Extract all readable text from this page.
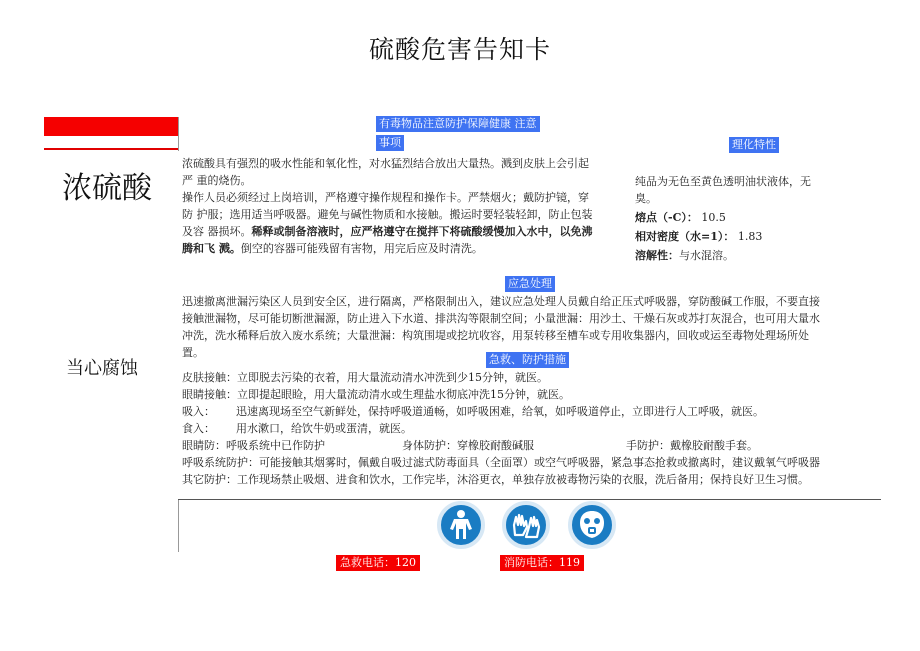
硫酸危害告知卡
浓硫酸
当心腐蚀
有毒物品注意防护保障健康 注意
事项
浓硫酸具有强烈的吸水性能和氧化性，对水猛烈结合放出大量热。溅到皮肤上会引起
严 重的烧伤。
操作人员必须经过上岗培训，严格遵守操作规程和操作卡。严禁烟火；戴防护镜，穿
防 护服；选用适当呼吸器。避免与碱性物质和水接触。搬运时要轻装轻卸，防止包装
及容 器损坏。稀释或制备溶液时，应严格遵守在搅拌下将硫酸缓慢加入水中，以免沸
腾和飞 溅。倒空的容器可能残留有害物，用完后应及时清洗。
理化特性
纯品为无色至黄色透明油状液体，无
臭。
熔点（-C）： 10.5
相对密度（水=1）： 1.83
溶解性：与水混溶。
应急处理
迅速撤离泄漏污染区人员到安全区，进行隔离，严格限制出入，建议应急处理人员戴自给正压式呼吸器，穿防酸碱工作服，不要直接
接触泄漏物，尽可能切断泄漏源，防止进入下水道、排洪沟等限制空间；小量泄漏：用沙土、干燥石灰或苏打灰混合，也可用大量水
冲洗，洗水稀释后放入废水系统；大量泄漏：构筑围堤或挖坑收容，用泵转移至槽车或专用收集器内，回收或运至毒物处理场所处
置。
急救、防护措施
皮肤接触：立即脱去污染的衣着，用大量流动清水冲洗到少15分钟，就医。
眼睛接触：立即提起眼睑，用大量流动清水或生理盐水彻底冲洗15分钟，就医。
吸入： 迅速离现场至空气新鲜处，保持呼吸道通畅，如呼吸困难，给氧，如呼吸道停止，立即进行人工呼吸，就医。
食入： 用水漱口，给饮牛奶或蛋清，就医。
眼睛防：呼吸系统中已作防护	身体防护：穿橡胶耐酸碱服	手防护：戴橡胶耐酸手套。
呼吸系统防护：可能接触其烟雾时，佩戴自吸过滤式防毒面具（全面罩）或空气呼吸器，紧急事态抢救或撤离时，建议戴氧气呼吸器
其它防护：工作现场禁止吸烟、进食和饮水，工作完毕，沐浴更衣，单独存放被毒物污染的衣服，洗后备用；保持良好卫生习惯。
急救电话：120	消防电话：119
